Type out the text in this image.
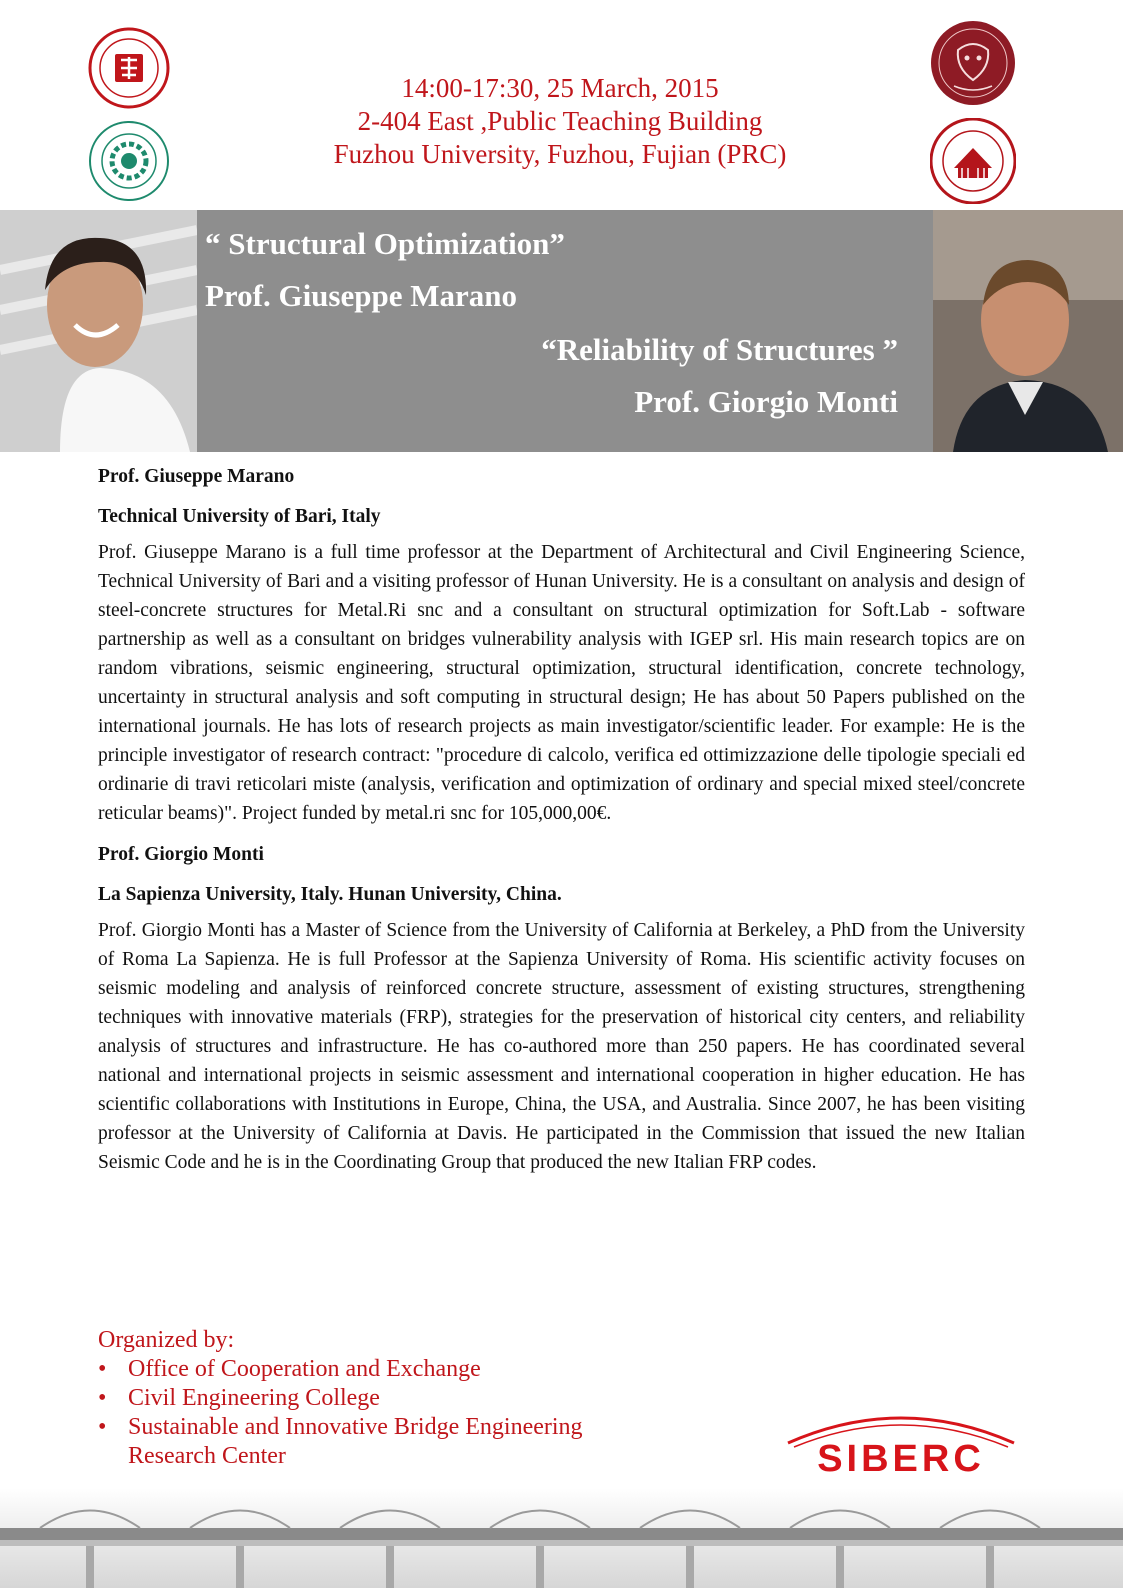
14:00-17:30, 25 March, 2015
2-404 East ,Public Teaching Building
Fuzhou University, Fuzhou, Fujian (PRC)
“ Structural Optimization”
Prof. Giuseppe Marano
“Reliability of Structures ”
Prof. Giorgio Monti
Prof. Giuseppe Marano
Technical University of Bari, Italy

Prof. Giuseppe Marano is a full time professor at the Department of Architectural and Civil Engineering Science, Technical University of Bari and a visiting professor of Hunan University. He is a consultant on analysis and design of steel-concrete structures for Metal.Ri snc and a consultant on structural optimization for Soft.Lab - software partnership as well as a consultant on bridges vulnerability analysis with IGEP srl. His main research topics are on random vibrations, seismic engineering, structural optimization, structural identification, concrete technology, uncertainty in structural analysis and soft computing in structural design; He has about 50 Papers published on the international journals. He has lots of research projects as main investigator/scientific leader. For example: He is the principle investigator of research contract: "procedure di calcolo, verifica ed ottimizzazione delle tipologie speciali ed ordinarie di travi reticolari miste (analysis, verification and optimization of ordinary and special mixed steel/concrete reticular beams)". Project funded by metal.ri snc for 105,000,00€.

Prof. Giorgio Monti
La Sapienza University, Italy. Hunan University, China.

Prof. Giorgio Monti has a Master of Science from the University of California at Berkeley, a PhD from the University of Roma La Sapienza. He is full Professor at the Sapienza University of Roma. His scientific activity focuses on seismic modeling and analysis of reinforced concrete structure, assessment of existing structures, strengthening techniques with innovative materials (FRP), strategies for the preservation of historical city centers, and reliability analysis of structures and infrastructure. He has co-authored more than 250 papers. He has coordinated several national and international projects in seismic assessment and international cooperation in higher education. He has scientific collaborations with Institutions in Europe, China, the USA, and Australia. Since 2007, he has been visiting professor at the University of California at Davis. He participated in the Commission that issued the new Italian Seismic Code and he is in the Coordinating Group that produced the new Italian FRP codes.

Organized by:
• Office of Cooperation and Exchange
• Civil Engineering College
• Sustainable and Innovative Bridge Engineering Research Center	SIBERC
